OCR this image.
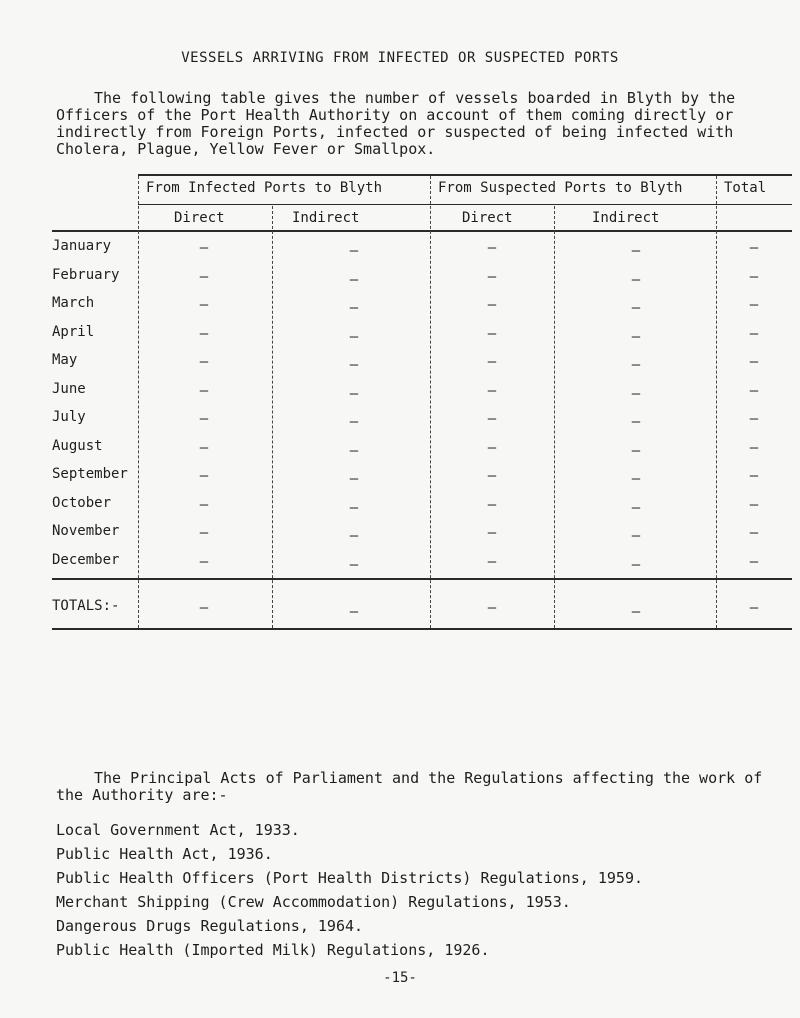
VESSELS ARRIVING FROM INFECTED OR SUSPECTED PORTS

The following table gives the number of vessels boarded in Blyth by the

Officers of the Port Health Authority on account of them coming directly or

indirectly from Foreign Ports, infected or suspected of being infected with

Cholera, Plague, Yellow Fever or Smallpox.

From Infected Ports to Blyth	From Suspected Ports to Blyth	Total
Direct	Indirect	Direct	Indirect
January	—	—	—	—	—
February	—	—	—	—	—
March	—	—	—	—	—
April	—	—	—	—	—
May	—	—	—	—	—
June	—	—	—	—	—
July	—	—	—	—	—
August	—	—	—	—	—
September	—	—	—	—	—
October	—	—	—	—	—
November	—	—	—	—	—
December	—	—	—	—	—
TOTALS:-	—	—	—	—	—

The Principal Acts of Parliament and the Regulations affecting the work of

the Authority are:-

Local Government Act, 1933.
Public Health Act, 1936.
Public Health Officers (Port Health Districts) Regulations, 1959.
Merchant Shipping (Crew Accommodation) Regulations, 1953.
Dangerous Drugs Regulations, 1964.
Public Health (Imported Milk) Regulations, 1926.
-15-
